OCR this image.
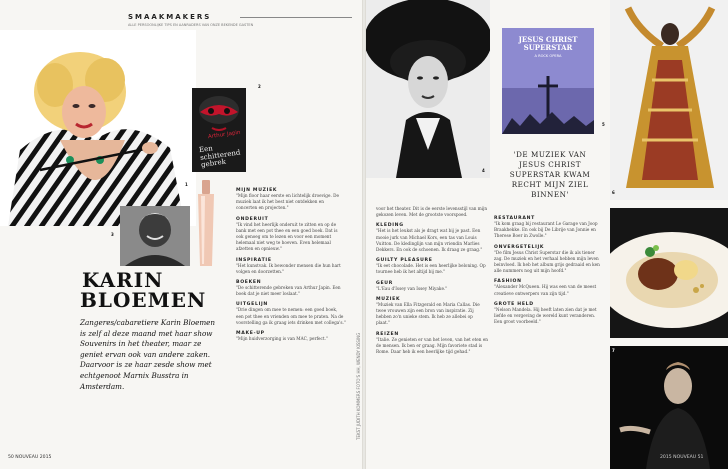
SMAAKMAKERS
ALLE PERSOONLIJKE TIPS EN AANRADERS VAN ONZE BEKENDE GASTEN
1
Arthur Japin
Een schitterend gebrek
2
3
KARIN
BLOEMEN
Zangeres/cabaretiere Karin Bloemen is zelf al deze maand met haar show Souvenirs in het theater, maar ze geniet ervan ook van andere zaken. Daarvoor is ze haar zesde show met echtgenoot Marnix Busstra in Amsterdam.
MIJN MUZIEK
"Mijn floor haar eerste en lichtelijk droevige. De muziek laat ik het best niet ontdekken en concerten en projecten."
ONDERUIT
"Ik vind het heerlijk onderuit te zitten en op de bank met een pot thee en een goed boek. Dat is ook genoeg om te lezen en voor een moment helemaal niet weg te hoeven. Even helemaal afzetten en opnieuw."
INSPIRATIE
"Het kunstvak. Ik bewonder mensen die hun hart volgen en doorzetten."
BOEKEN
"De schitterende gebreken van Arthur Japin. Een boek dat je niet meer loslaat."
UITGELIJN
"Drie dingen om mee te nemen: een goed boek, een pot thee en vrienden om mee te praten. Na de voorstelling ga ik graag iets drinken met collega's."
MAKE-UP
"Mijn huidverzorging is van MAC, perfect."
50 NOUVEAU 2015
TEKST JUDITH KOMMERS FOTO'S HH, WENDY KISSING
4
JESUS CHRIST SUPERSTAR
A ROCK OPERA
5
'DE MUZIEK VAN JESUS CHRIST SUPERSTAR KWAM RECHT MIJN ZIEL BINNEN'	6
7
voor het theater. Dit is de eerste levensstijl van mijn gekozen leven. Met de grootste voorspoed.
KLEDING
"Het is het leukst als je dragt wat bij je past. Een mooie jurk van Michael Kors, een tas van Louis Vuitton. De kledinglijn van mijn vriendin Marlies Dekkers. En ook de schoenen. Ik draag ze graag."
GUILTY PLEASURE
"Ik eet chocolade. Het is een heerlijke beloning. Op tournee heb ik het altijd bij me."
GEUR
"L'Eau d'Issey van Issey Miyake."
MUZIEK
"Muziek van Ella Fitzgerald en Maria Callas. Die twee vrouwen zijn een bron van inspiratie. Zij hebben zo'n unieke stem. Ik heb ze allebei op plaat."
REIZEN
"Italie. Ze genieten er van het leven, van het eten en de mensen. Ik ben er graag. Mijn favoriete stad is Rome. Daar heb ik een heerlijke tijd gehad."
RESTAURANT
"Ik kom graag bij restaurant Le Garage van Joop Braakhekke. En ook bij De Librije van Jonnie en Therese Boer in Zwolle."
ONVERGETELIJK
"De film Jesus Christ Superstar die ik als tiener zag. De muziek en het verhaal hebben mijn leven beinvloed. Ik heb het album grijs gedraaid en ken alle nummers nog uit mijn hoofd."
FASHION
"Alexander McQueen. Hij was een van de meest creatieve ontwerpers van zijn tijd."
GROTE HELD
"Nelson Mandela. Hij heeft laten zien dat je met liefde en vergeving de wereld kunt veranderen. Een groot voorbeeld."
2015 NOUVEAU 51
